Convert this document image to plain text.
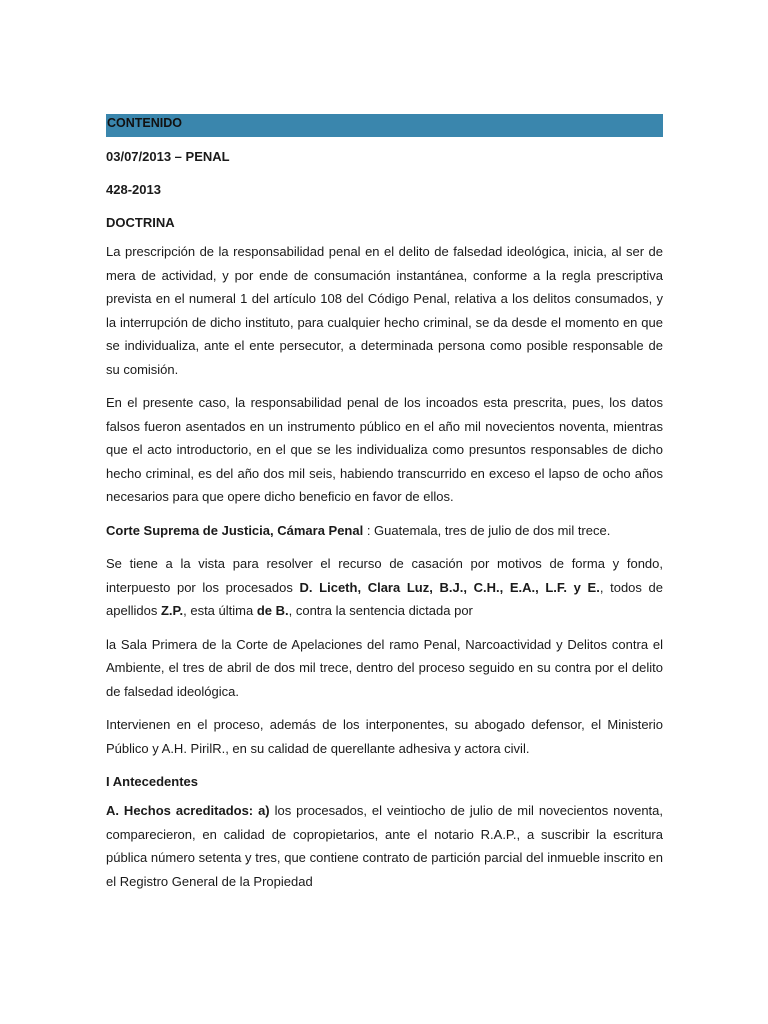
CONTENIDO

03/07/2013 – PENAL

428-2013

DOCTRINA

La prescripción de la responsabilidad penal en el delito de falsedad ideológica, inicia, al ser de mera de actividad, y por ende de consumación instantánea, conforme a la regla prescriptiva prevista en el numeral 1 del artículo 108 del Código Penal, relativa a los delitos consumados, y la interrupción de dicho instituto, para cualquier hecho criminal, se da desde el momento en que se individualiza, ante el ente persecutor, a determinada persona como posible responsable de su comisión.

En el presente caso, la responsabilidad penal de los incoados esta prescrita, pues, los datos falsos fueron asentados en un instrumento público en el año mil novecientos noventa, mientras que el acto introductorio, en el que se les individualiza como presuntos responsables de dicho hecho criminal, es del año dos mil seis, habiendo transcurrido en exceso el lapso de ocho años necesarios para que opere dicho beneficio en favor de ellos.

Corte Suprema de Justicia, Cámara Penal : Guatemala, tres de julio de dos mil trece.

Se tiene a la vista para resolver el recurso de casación por motivos de forma y fondo, interpuesto por los procesados D. Liceth, Clara Luz, B.J., C.H., E.A., L.F. y E., todos de apellidos Z.P., esta última de B., contra la sentencia dictada por

la Sala Primera de la Corte de Apelaciones del ramo Penal, Narcoactividad y Delitos contra el Ambiente, el tres de abril de dos mil trece, dentro del proceso seguido en su contra por el delito de falsedad ideológica.

Intervienen en el proceso, además de los interponentes, su abogado defensor, el Ministerio Público y A.H. PirilR., en su calidad de querellante adhesiva y actora civil.

I Antecedentes

A. Hechos acreditados: a) los procesados, el veintiocho de julio de mil novecientos noventa, comparecieron, en calidad de copropietarios, ante el notario R.A.P., a suscribir la escritura pública número setenta y tres, que contiene contrato de partición parcial del inmueble inscrito en el Registro General de la Propiedad
